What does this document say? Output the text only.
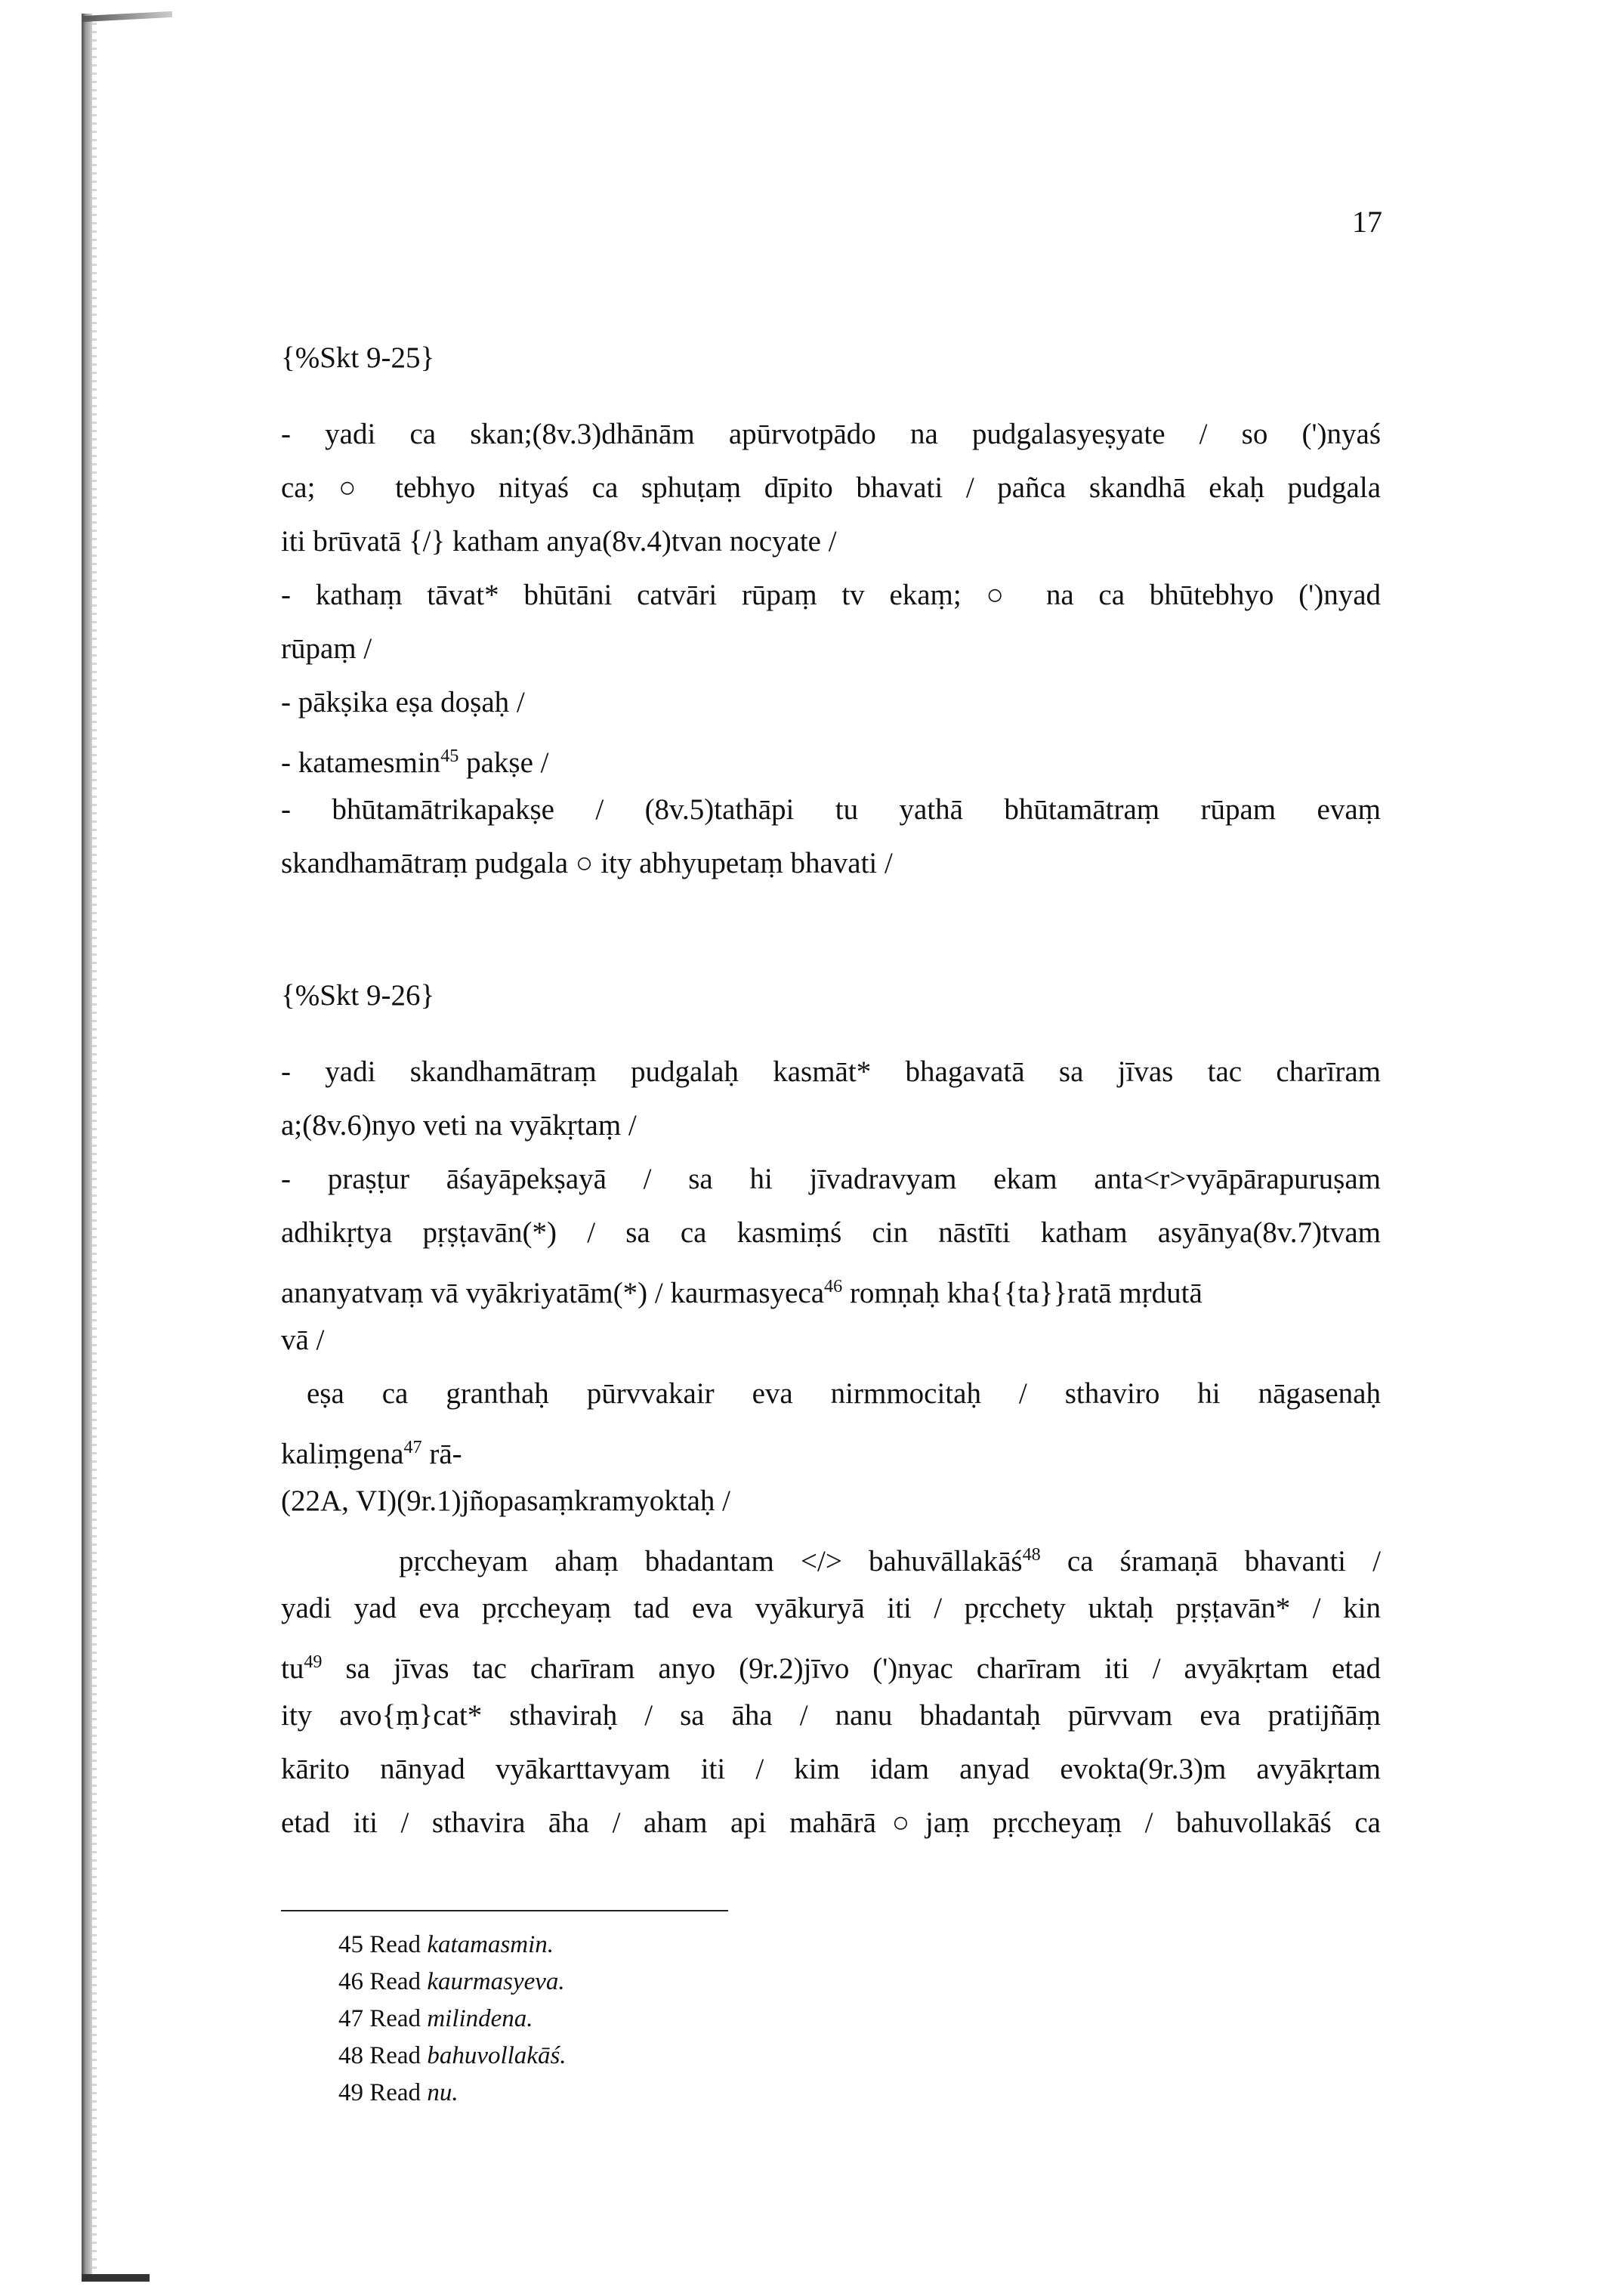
17
{%Skt 9-25}
- yadi ca skan;(8v.3)dhānām apūrvotpādo na pudgalasyeṣyate / so (')nyaś
ca; ○ tebhyo nityaś ca sphuṭaṃ dīpito bhavati / pañca skandhā ekaḥ pudgala
iti brūvatā {/} katham anya(8v.4)tvan nocyate /
- kathaṃ tāvat* bhūtāni catvāri rūpaṃ tv ekaṃ; ○ na ca bhūtebhyo (')nyad
rūpaṃ /
- pākṣika eṣa doṣaḥ /
- katamesmin$^{45}$ pakṣe /
- bhūtamātrikapakṣe / (8v.5)tathāpi tu yathā bhūtamātraṃ rūpam evaṃ
skandhamātraṃ pudgala ○ ity abhyupetaṃ bhavati /
{%Skt 9-26}
- yadi skandhamātraṃ pudgalaḥ kasmāt* bhagavatā sa jīvas tac charīram
a;(8v.6)nyo veti na vyākṛtaṃ /
- praṣṭur āśayāpekṣayā / sa hi jīvadravyam ekam anta<r>vyāpārapuruṣam
adhikṛtya pṛṣṭavān(*) / sa ca kasmiṃś cin nāstīti katham asyānya(8v.7)tvam
ananyatvaṃ vā vyākriyatām(*) / kaurmasyeca$^{46}$ romṇaḥ kha{{ta}}ratā mṛdutā
vā /
eṣa ca granthaḥ pūrvvakair eva nirmmocitaḥ / sthaviro hi nāgasenaḥ
kaliṃgena$^{47}$ rā-
(22A, VI)(9r.1)jñopasaṃkramyoktaḥ /
pṛccheyam ahaṃ bhadantam </> bahuvāllakāś$^{48}$ ca śramaṇā bhavanti /
yadi yad eva pṛccheyaṃ tad eva vyākuryā iti / pṛcchety uktaḥ pṛṣṭavān* / kin
$tu^{49}$ sa jīvas tac charīram anyo (9r.2)jīvo (')nyac charīram iti / avyākṛtam etad
ity avo{ṃ}cat* sthaviraḥ / sa āha / nanu bhadantaḥ pūrvvam eva pratijñāṃ
kārito nānyad vyākarttavyam iti / kim idam anyad evokta(9r.3)m avyākṛtam
etad iti / sthavira āha / aham api mahārā○jaṃ pṛccheyaṃ / bahuvollakāś ca
45 Read katamasmin.
46 Read kaurmasyeva.
47 Read milindena.
48 Read bahuvollakāś.
49 Read nu.
